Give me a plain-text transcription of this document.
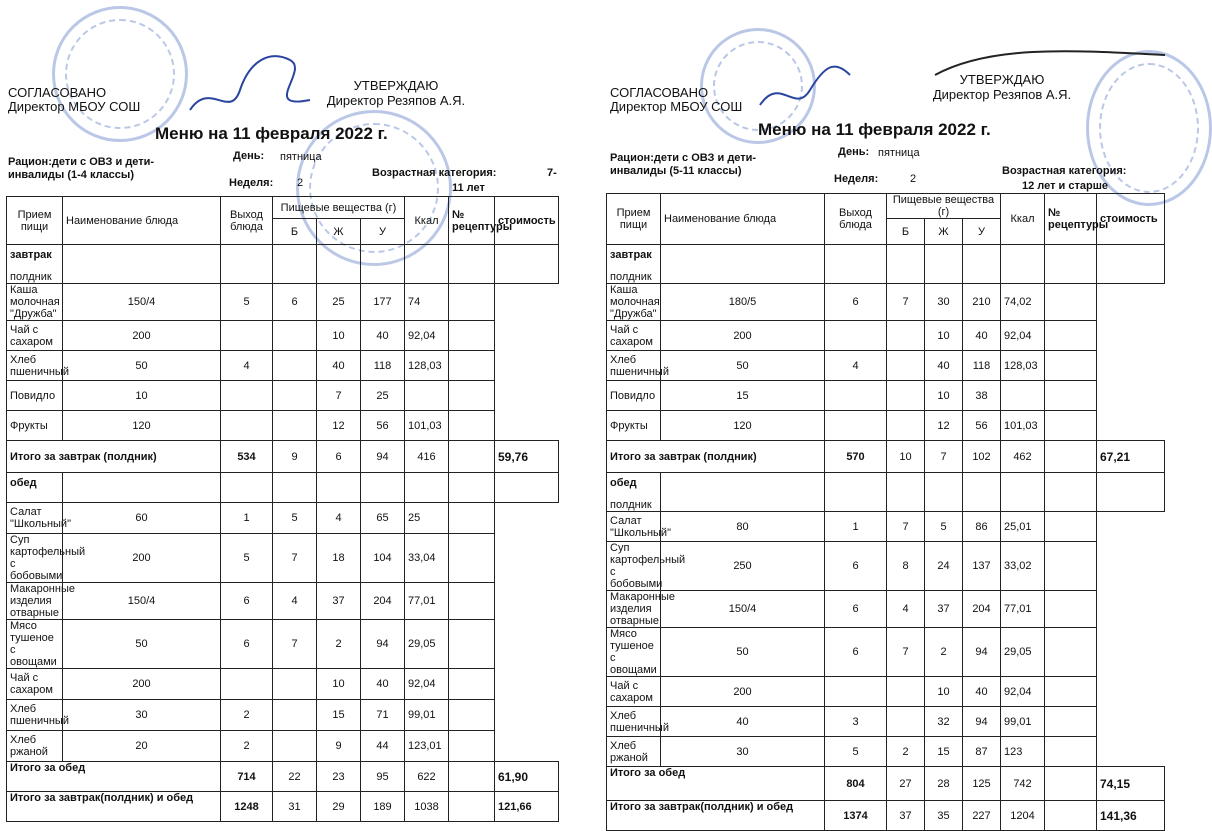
СОГЛАСОВАНО
Директор МБОУ СОШ
УТВЕРЖДАЮ
Директор Резяпов А.Я.
Меню на 11 февраля 2022 г.
Рацион:дети с ОВЗ и дети-инвалиды (1-4 классы)
День: пятница
Неделя: 2
Возрастная категория:	7-
11 лет
Прием пищи	Наименование блюда	Выход блюда	Пищевые вещества (г)			Ккал	№ рецептуры	стоимость
			Б	Ж	У			
завтрак
полдник								

Каша молочная "Дружба"	150/4	5	6	25	177	74		
Чай с сахаром	200			10	40	92,04		
Хлеб пшеничный	50	4		40	118	128,03		
Повидло	10			7	25			
Фрукты	120			12	56	101,03		
Итого за завтрак (полдник)		534	9	6	94	416		59,76
обед								
Салат "Школьный"	60	1	5	4	65	25		
Суп картофельный с бобовыми	200	5	7	18	104	33,04		
Макаронные изделия отварные	150/4	6	4	37	204	77,01		
Мясо тушеное с овощами	50	6	7	2	94	29,05		
Чай с сахаром	200			10	40	92,04		
Хлеб пшеничный	30	2		15	71	99,01		
Хлеб ржаной	20	2		9	44	123,01		
Итого за обед		714	22	23	95	622		61,90
Итого за завтрак(полдник) и обед		1248	31	29	189	1038		121,66
СОГЛАСОВАНО
Директор МБОУ СОШ
УТВЕРЖДАЮ
Директор Резяпов А.Я.
Меню на 11 февраля 2022 г.
Рацион:дети с ОВЗ и дети-инвалиды (5-11 классы)
День: пятница
Неделя:	2
Возрастная категория:
12 лет и старше
Прием пищи	Наименование блюда	Выход блюда	Пищевые вещества (г)			Ккал	№ рецептуры	стоимость
			Б	Ж	У			
завтрак
полдник								

Каша молочная "Дружба"	180/5	6	7	30	210	74,02		
Чай с сахаром	200			10	40	92,04		
Хлеб пшеничный	50	4		40	118	128,03		
Повидло	15			10	38			
Фрукты	120			12	56	101,03		
Итого за завтрак (полдник)		570	10	7	102	462		67,21
обед
полдник								

Салат "Школьный"	80	1	7	5	86	25,01		
Суп картофельный с бобовыми	250	6	8	24	137	33,02		
Макаронные изделия отварные	150/4	6	4	37	204	77,01		
Мясо тушеное с овощами	50	6	7	2	94	29,05		
Чай с сахаром	200			10	40	92,04		
Хлеб пшеничный	40	3		32	94	99,01		
Хлеб ржаной	30	5	2	15	87	123		
Итого за обед		804	27	28	125	742		74,15
Итого за завтрак(полдник) и обед		1374	37	35	227	1204		141,36
